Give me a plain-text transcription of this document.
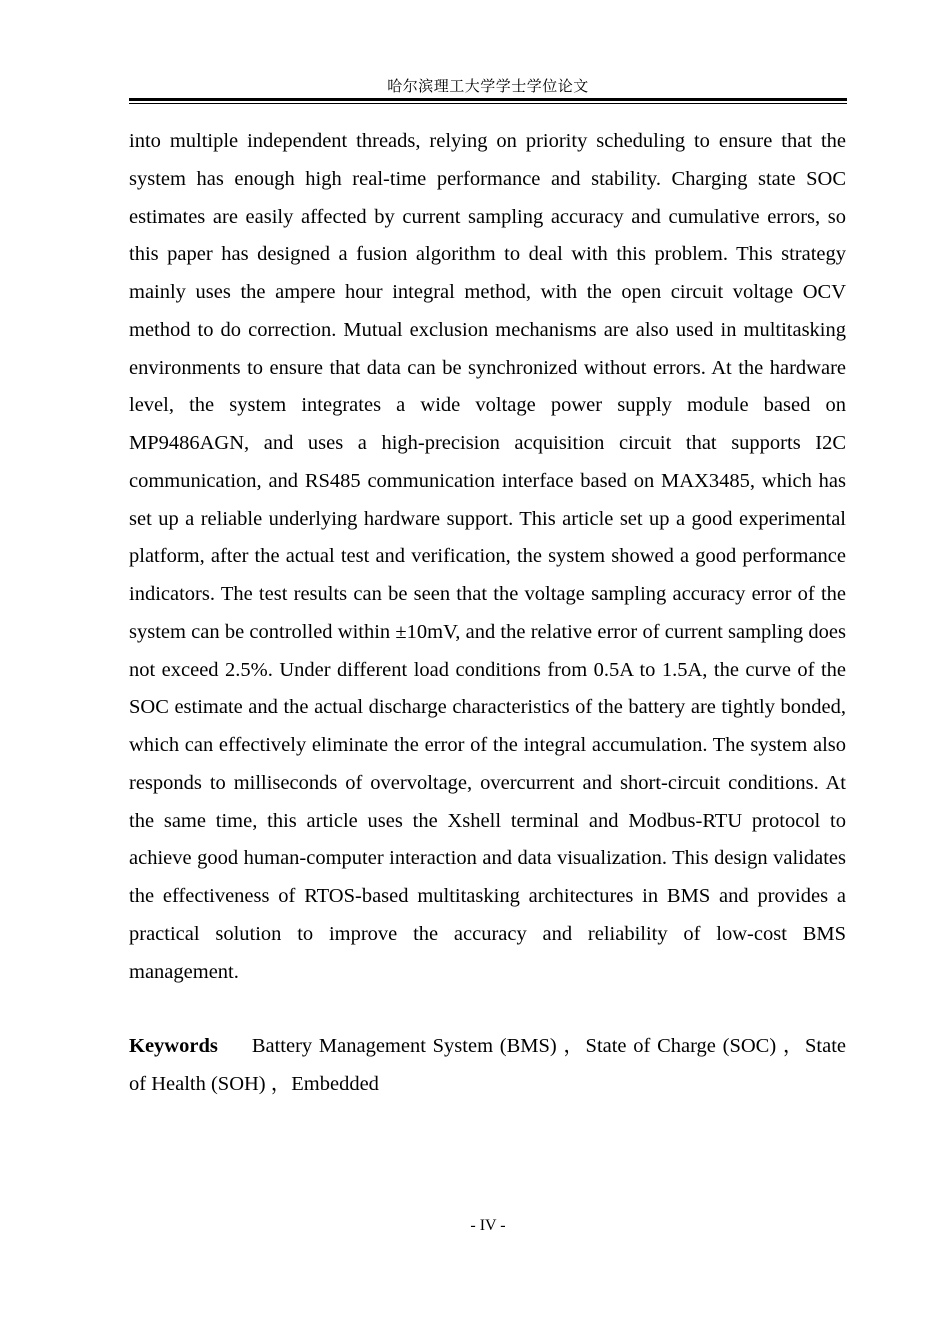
哈尔滨理工大学学士学位论文

into multiple independent threads, relying on priority scheduling to ensure that the system has enough high real-time performance and stability. Charging state SOC estimates are easily affected by current sampling accuracy and cumulative errors, so this paper has designed a fusion algorithm to deal with this problem. This strategy mainly uses the ampere hour integral method, with the open circuit voltage OCV method to do correction. Mutual exclusion mechanisms are also used in multitasking environments to ensure that data can be synchronized without errors. At the hardware level, the system integrates a wide voltage power supply module based on MP9486AGN, and uses a high-precision acquisition circuit that supports I2C communication, and RS485 communication interface based on MAX3485, which has set up a reliable underlying hardware support. This article set up a good experimental platform, after the actual test and verification, the system showed a good performance indicators. The test results can be seen that the voltage sampling accuracy error of the system can be controlled within ±10mV, and the relative error of current sampling does not exceed 2.5%. Under different load conditions from 0.5A to 1.5A, the curve of the SOC estimate and the actual discharge characteristics of the battery are tightly bonded, which can effectively eliminate the error of the integral accumulation. The system also responds to milliseconds of overvoltage, overcurrent and short-circuit conditions. At the same time, this article uses the Xshell terminal and Modbus-RTU protocol to achieve good human-computer interaction and data visualization. This design validates the effectiveness of RTOS-based multitasking architectures in BMS and provides a practical solution to improve the accuracy and reliability of low-cost BMS management.

Keywords Battery Management System (BMS) ，State of Charge (SOC) ，State of Health (SOH) ，Embedded

- IV -
